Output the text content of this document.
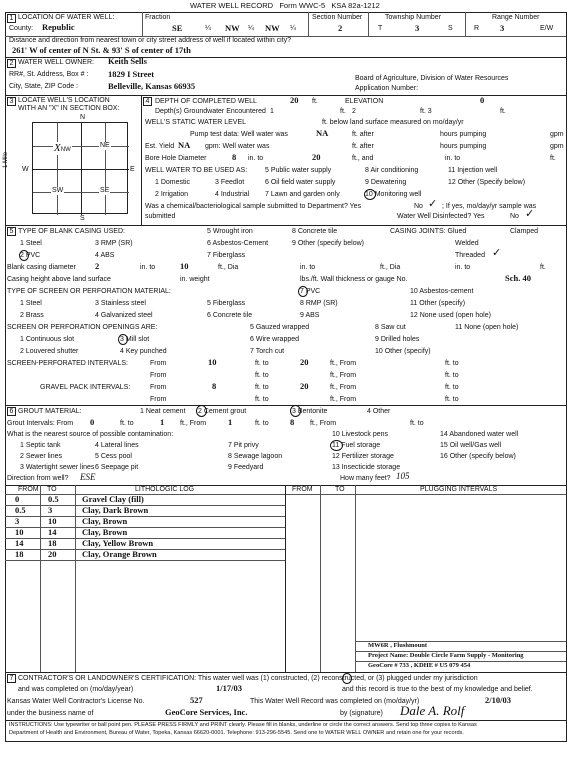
WATER WELL RECORD Form WWC-5 KSA 82a-1212
1 LOCATION OF WATER WELL:
County: Republic
Fraction
SE	¼ NW ¼ NW ¼
Section Number
2
Township Number
T	3	S
Range Number
R 3	E/W
Distance and direction from nearest town or city street address of well if located within city?
261' W of center of N St. & 93' S of center of 17th
2 WATER WELL OWNER: Keith Sells
RR#, St. Address, Box # : 1829 I Street
City, State, ZIP Code :	Belleville, Kansas 66935
Board of Agriculture, Division of Water Resources
Application Number:
3 LOCATE WELL'S LOCATION
WITH AN "X" IN SECTION BOX:
N
S
W	E
1 Mile
XNW
NE
SW	SE
4 DEPTH OF COMPLETED WELL	20 ft.	ELEVATION	0
Depth(s) Groundwater Encountered 1	ft. 2	ft. 3	ft.
WELL'S STATIC WATER LEVEL	ft. below land surface measured on mo/day/yr
Pump test data: Well water was	NA	ft. after	hours pumping	gpm
Est. Yield NA gpm: Well water was	ft. after	hours pumping	gpm
Bore Hole Diameter	8 in. to	20	ft., and	in. to	ft.
WELL WATER TO BE USED AS:	5 Public water supply	8 Air conditioning	11 Injection well
1 Domestic	3 Feedlot	6 Oil field water supply	9 Dewatering	12 Other (Specify below)
2 Irrigation	4 Industrial 7 Lawn and garden only	10 Monitoring well
Was a chemical/bacteriological sample submitted to Department? Yes	No ✓ ; If yes, mo/day/yr sample was
submitted	Water Well Disinfected? Yes	No ✓
5 TYPE OF BLANK CASING USED:	5 Wrought iron	8 Concrete tile	CASING JOINTS: Glued	Clamped
1 Steel	3 RMP (SR)	6 Asbestos-Cement	9 Other (specify below)	Welded
2 PVC	4 ABS	7 Fiberglass	Threaded ✓
Blank casing diameter 2	in. to	10	ft., Dia	in. to	ft., Dia	in. to	ft.
Casing height above land surface	in. weight	lbs./ft. Wall thickness or gauge No.	Sch. 40
TYPE OF SCREEN OR PERFORATION MATERIAL:	7 PVC	10 Asbestos-cement
1 Steel	3 Stainless steel	5 Fiberglass	8 RMP (SR)	11 Other (specify)
2 Brass	4 Galvanized steel	6 Concrete tile	9 ABS	12 None used (open hole)
SCREEN OR PERFORATION OPENINGS ARE:	5 Gauzed wrapped	8 Saw cut	11 None (open hole)
1 Continuous slot	3 Mill slot	6 Wire wrapped	9 Drilled holes
2 Louvered shutter	4 Key punched	7 Torch cut	10 Other (specify)
SCREEN-PERFORATED INTERVALS:	From	10	ft. to	20	ft., From	ft. to
From	ft. to	ft., From	ft. to
GRAVEL PACK INTERVALS:	From	8	ft. to	20	ft., From	ft. to
From	ft. to	ft., From	ft. to
6 GROUT MATERIAL:	1 Neat cement 2 Cement grout	3 Bentonite	4 Other
Grout Intervals: From 0	ft. to	1 ft., From	1	ft. to	8 ft., From	ft. to
What is the nearest source of possible contamination:	10 Livestock pens	14 Abandoned water well
1 Septic tank	4 Lateral lines	7 Pit privy	11 Fuel storage	15 Oil well/Gas well
2 Sewer lines	5 Cess pool	8 Sewage lagoon	12 Fertilizer storage	16 Other (specify below)
3 Watertight sewer lines 6 Seepage pit	9 Feedyard	13 Insecticide storage
Direction from well? ESE	How many feet? 105
FROM TO	LITHOLOGIC LOG	FROM	TO	PLUGGING INTERVALS
0	0.5	Gravel Clay (fill)
0.5	3	Clay, Dark Brown
3	10	Clay, Brown
10	14	Clay, Brown
14	18	Clay, Yellow Brown
18	20	Clay, Orange Brown
MW6R , Flushmount
Project Name: Double Circle Farm Supply - Monitoring
GeoCore # 733 , KDHE # U5 079 454
7 CONTRACTOR'S OR LANDOWNER'S CERTIFICATION: This water well was (1) constructed, (2) reconstructed, or (3) plugged under my jurisdiction
and was completed on (mo/day/year)	1/17/03	and this record is true to the best of my knowledge and belief.
Kansas Water Well Contractor's License No.	527	This Water Well Record was completed on (mo/day/yr)	2/10/03
under the business name of	GeoCore Services, Inc.	by (signature) Dale A. Rolf
INSTRUCTIONS: Use typewriter or ball point pen. PLEASE PRESS FIRMLY and PRINT clearly. Please fill in blanks, underline or circle the correct answers. Send top three copies to Kansas
Department of Health and Environment, Bureau of Water, Topeka, Kansas 66620-0001. Telephone: 913-296-5545. Send one to WATER WELL OWNER and retain one for your records.
